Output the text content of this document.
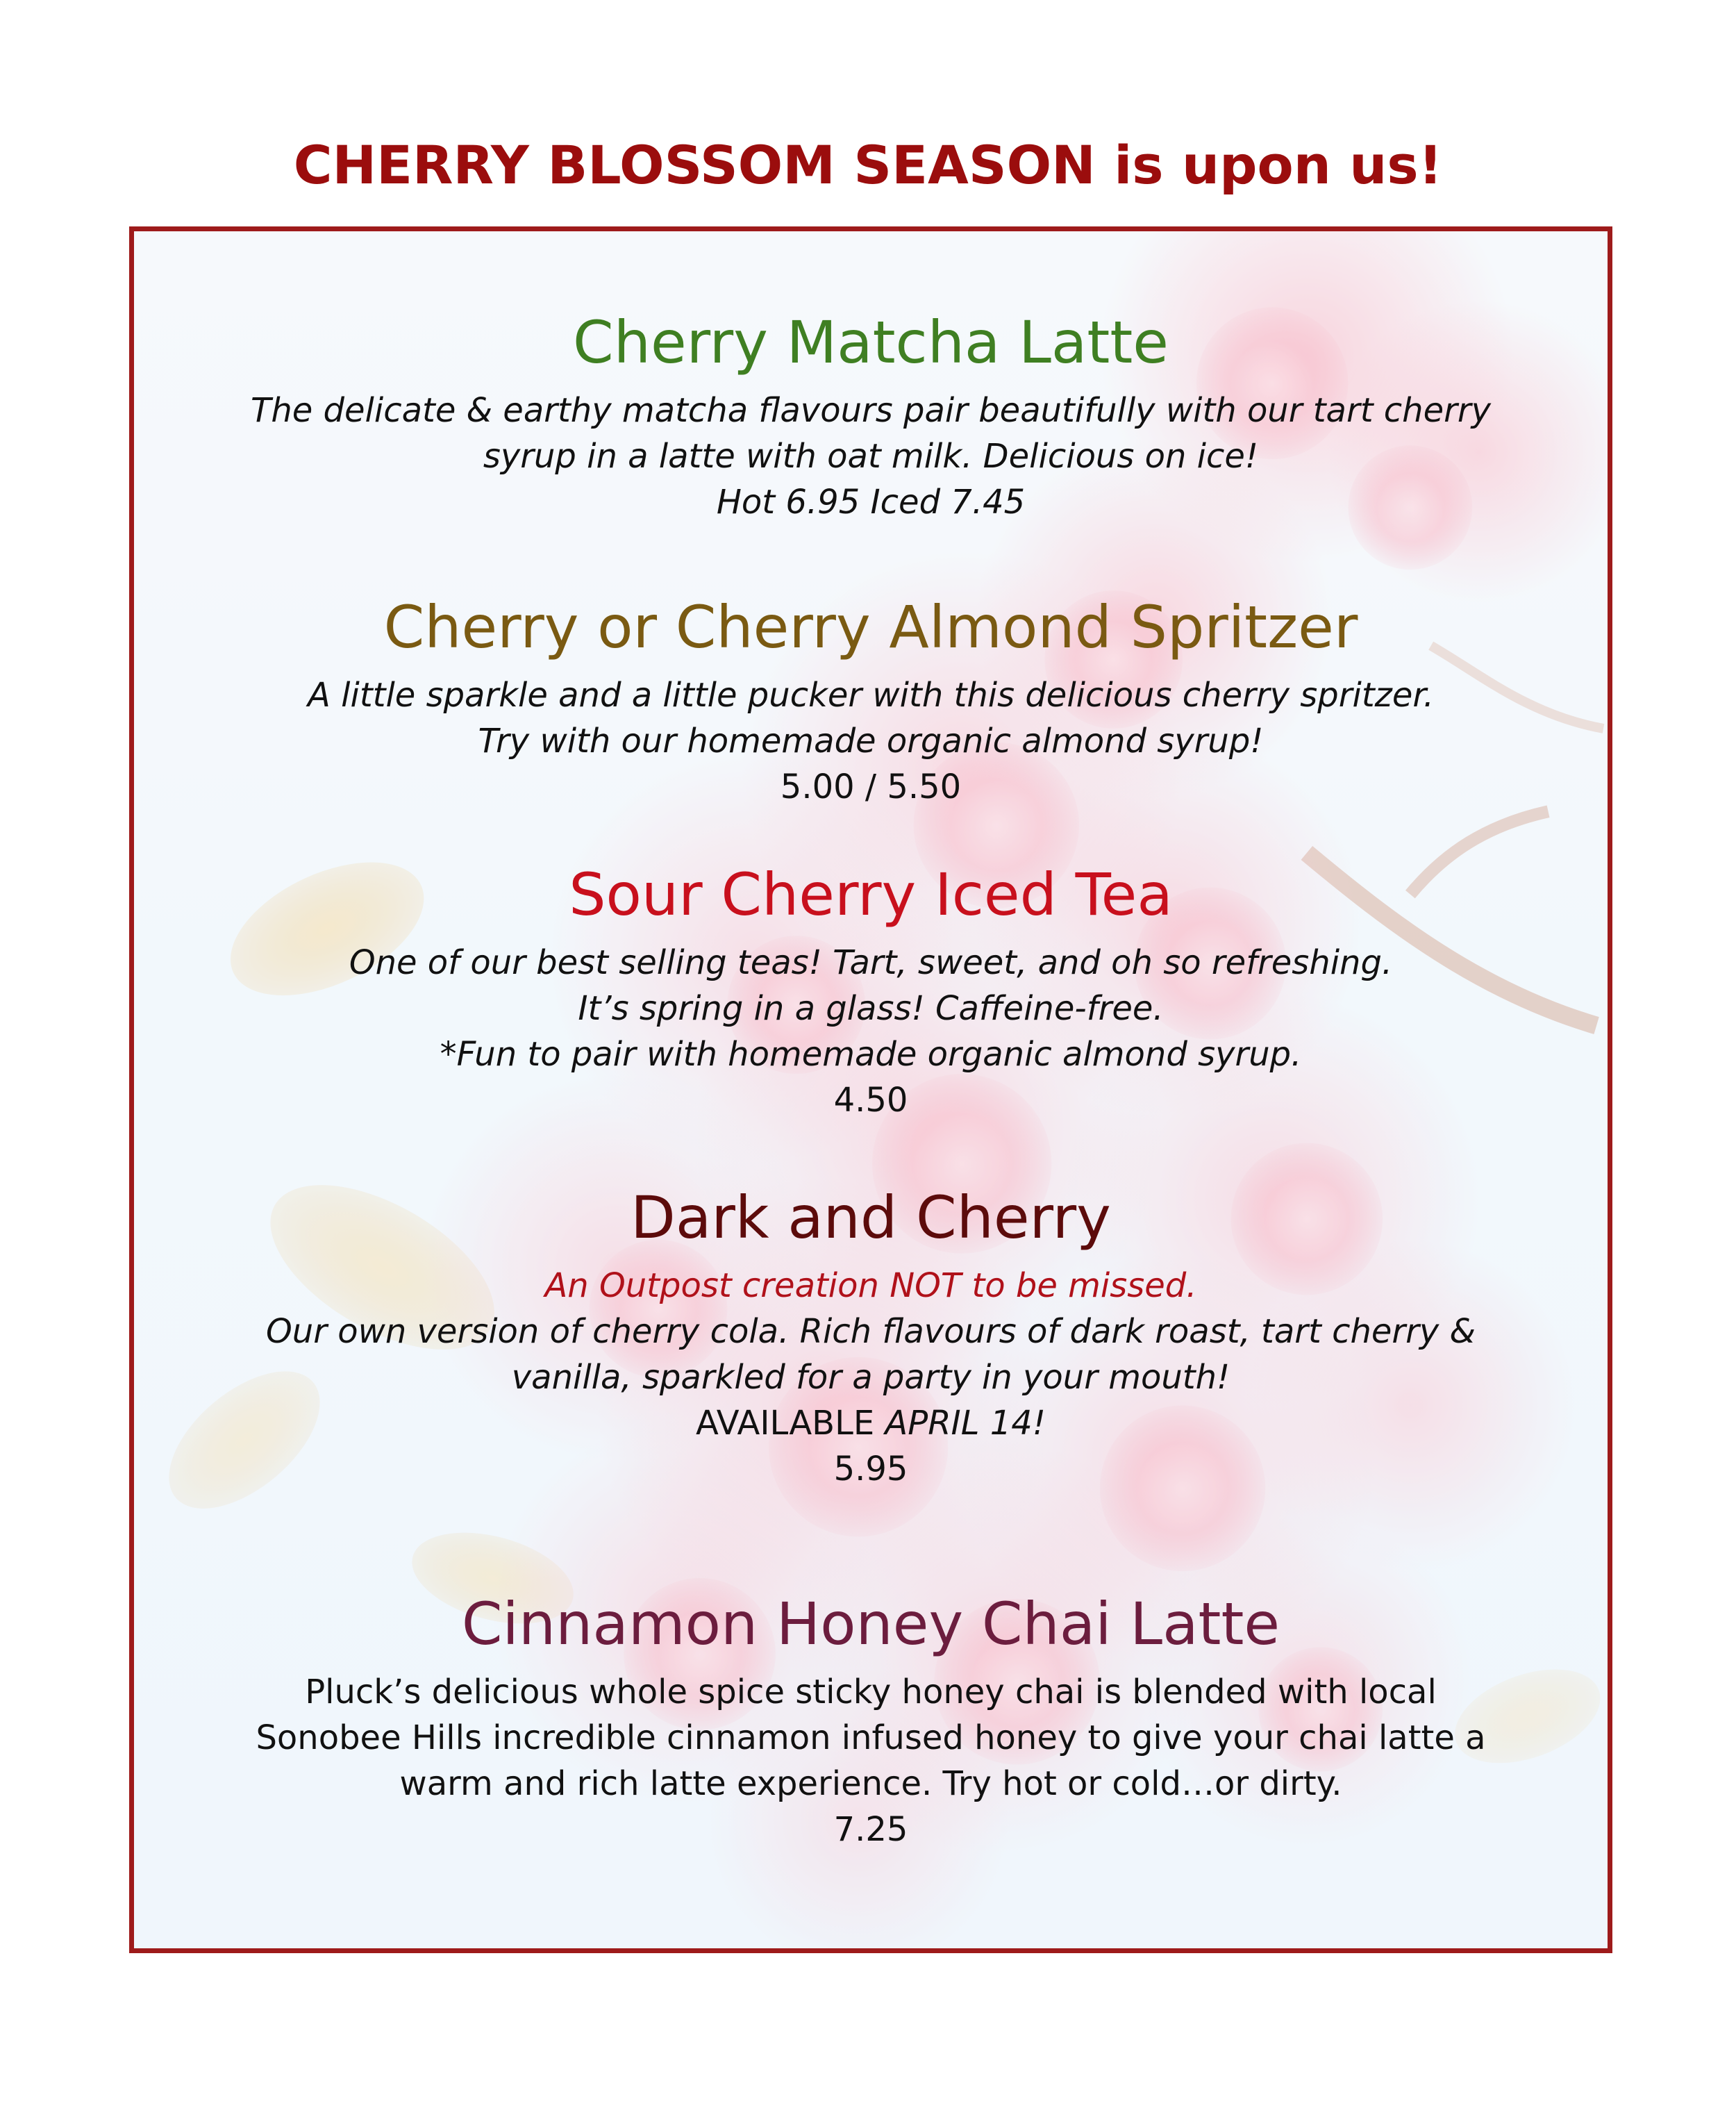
CHERRY BLOSSOM SEASON is upon us!
Cherry Matcha Latte
The delicate & earthy matcha flavours pair beautifully with our tart cherry
syrup in a latte with oat milk. Delicious on ice!
Hot 6.95 Iced 7.45
Cherry or Cherry Almond Spritzer
A little sparkle and a little pucker with this delicious cherry spritzer.
Try with our homemade organic almond syrup!
5.00 / 5.50
Sour Cherry Iced Tea
One of our best selling teas! Tart, sweet, and oh so refreshing.
It’s spring in a glass! Caffeine-free.
*Fun to pair with homemade organic almond syrup.
4.50
Dark and Cherry
An Outpost creation NOT to be missed.
Our own version of cherry cola. Rich flavours of dark roast, tart cherry &
vanilla, sparkled for a party in your mouth!
AVAILABLE APRIL 14!
5.95
Cinnamon Honey Chai Latte
Pluck’s delicious whole spice sticky honey chai is blended with local
Sonobee Hills incredible cinnamon infused honey to give your chai latte a
warm and rich latte experience. Try hot or cold…or dirty.
7.25
